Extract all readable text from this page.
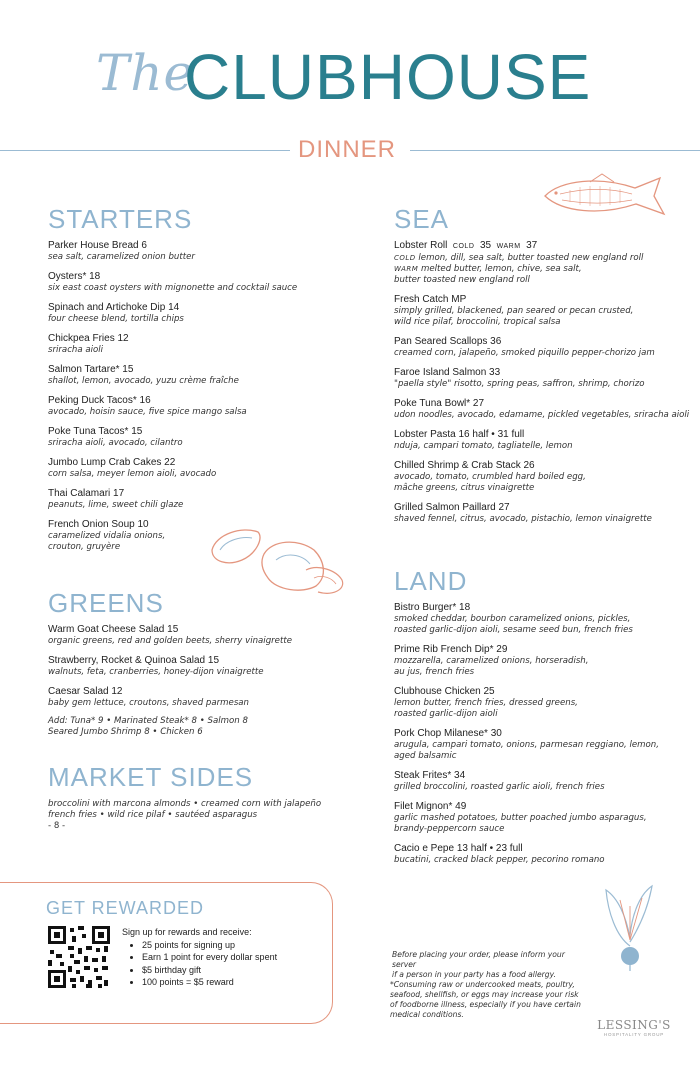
The
CLUBHOUSE
DINNER
STARTERS
Parker House Bread 6
sea salt, caramelized onion butter
Oysters* 18
six east coast oysters with mignonette and cocktail sauce
Spinach and Artichoke Dip 14
four cheese blend, tortilla chips
Chickpea Fries 12
sriracha aioli
Salmon Tartare* 15
shallot, lemon, avocado, yuzu crème fraîche
Peking Duck Tacos* 16
avocado, hoisin sauce, five spice mango salsa
Poke Tuna Tacos* 15
sriracha aioli, avocado, cilantro
Jumbo Lump Crab Cakes 22
corn salsa, meyer lemon aioli, avocado
Thai Calamari 17
peanuts, lime, sweet chili glaze
French Onion Soup 10
caramelized vidalia onions,
crouton, gruyère
GREENS
Warm Goat Cheese Salad 15
organic greens, red and golden beets, sherry vinaigrette
Strawberry, Rocket & Quinoa Salad 15
walnuts, feta, cranberries, honey-dijon vinaigrette
Caesar Salad 12
baby gem lettuce, croutons, shaved parmesan
Add: Tuna* 9 • Marinated Steak* 8 • Salmon 8
Seared Jumbo Shrimp 8 • Chicken 6
MARKET SIDES
broccolini with marcona almonds • creamed corn with jalapeño
french fries • wild rice pilaf • sautéed asparagus
- 8 -
SEA
Lobster Roll COLD 35 WARM 37
COLD lemon, dill, sea salt, butter toasted new england roll
WARM melted butter, lemon, chive, sea salt,
butter toasted new england roll
Fresh Catch MP
simply grilled, blackened, pan seared or pecan crusted,
wild rice pilaf, broccolini, tropical salsa
Pan Seared Scallops 36
creamed corn, jalapeño, smoked piquillo pepper-chorizo jam
Faroe Island Salmon 33
"paella style" risotto, spring peas, saffron, shrimp, chorizo
Poke Tuna Bowl* 27
udon noodles, avocado, edamame, pickled vegetables, sriracha aioli
Lobster Pasta 16 half • 31 full
nduja, campari tomato, tagliatelle, lemon
Chilled Shrimp & Crab Stack 26
avocado, tomato, crumbled hard boiled egg,
mâche greens, citrus vinaigrette
Grilled Salmon Paillard 27
shaved fennel, citrus, avocado, pistachio, lemon vinaigrette
LAND
Bistro Burger* 18
smoked cheddar, bourbon caramelized onions, pickles,
roasted garlic-dijon aioli, sesame seed bun, french fries
Prime Rib French Dip* 29
mozzarella, caramelized onions, horseradish,
au jus, french fries
Clubhouse Chicken 25
lemon butter, french fries, dressed greens,
roasted garlic-dijon aioli
Pork Chop Milanese* 30
arugula, campari tomato, onions, parmesan reggiano, lemon,
aged balsamic
Steak Frites* 34
grilled broccolini, roasted garlic aioli, french fries
Filet Mignon* 49
garlic mashed potatoes, butter poached jumbo asparagus,
brandy-peppercorn sauce
Cacio e Pepe 13 half • 23 full
bucatini, cracked black pepper, pecorino romano
GET REWARDED
Sign up for rewards and receive:
• 25 points for signing up
• Earn 1 point for every dollar spent
• $5 birthday gift
• 100 points = $5 reward
Before placing your order, please inform your server
if a person in your party has a food allergy.
*Consuming raw or undercooked meats, poultry,
seafood, shellfish, or eggs may increase your risk
of foodborne illness, especially if you have certain
medical conditions.
LESSING'S
HOSPITALITY GROUP
